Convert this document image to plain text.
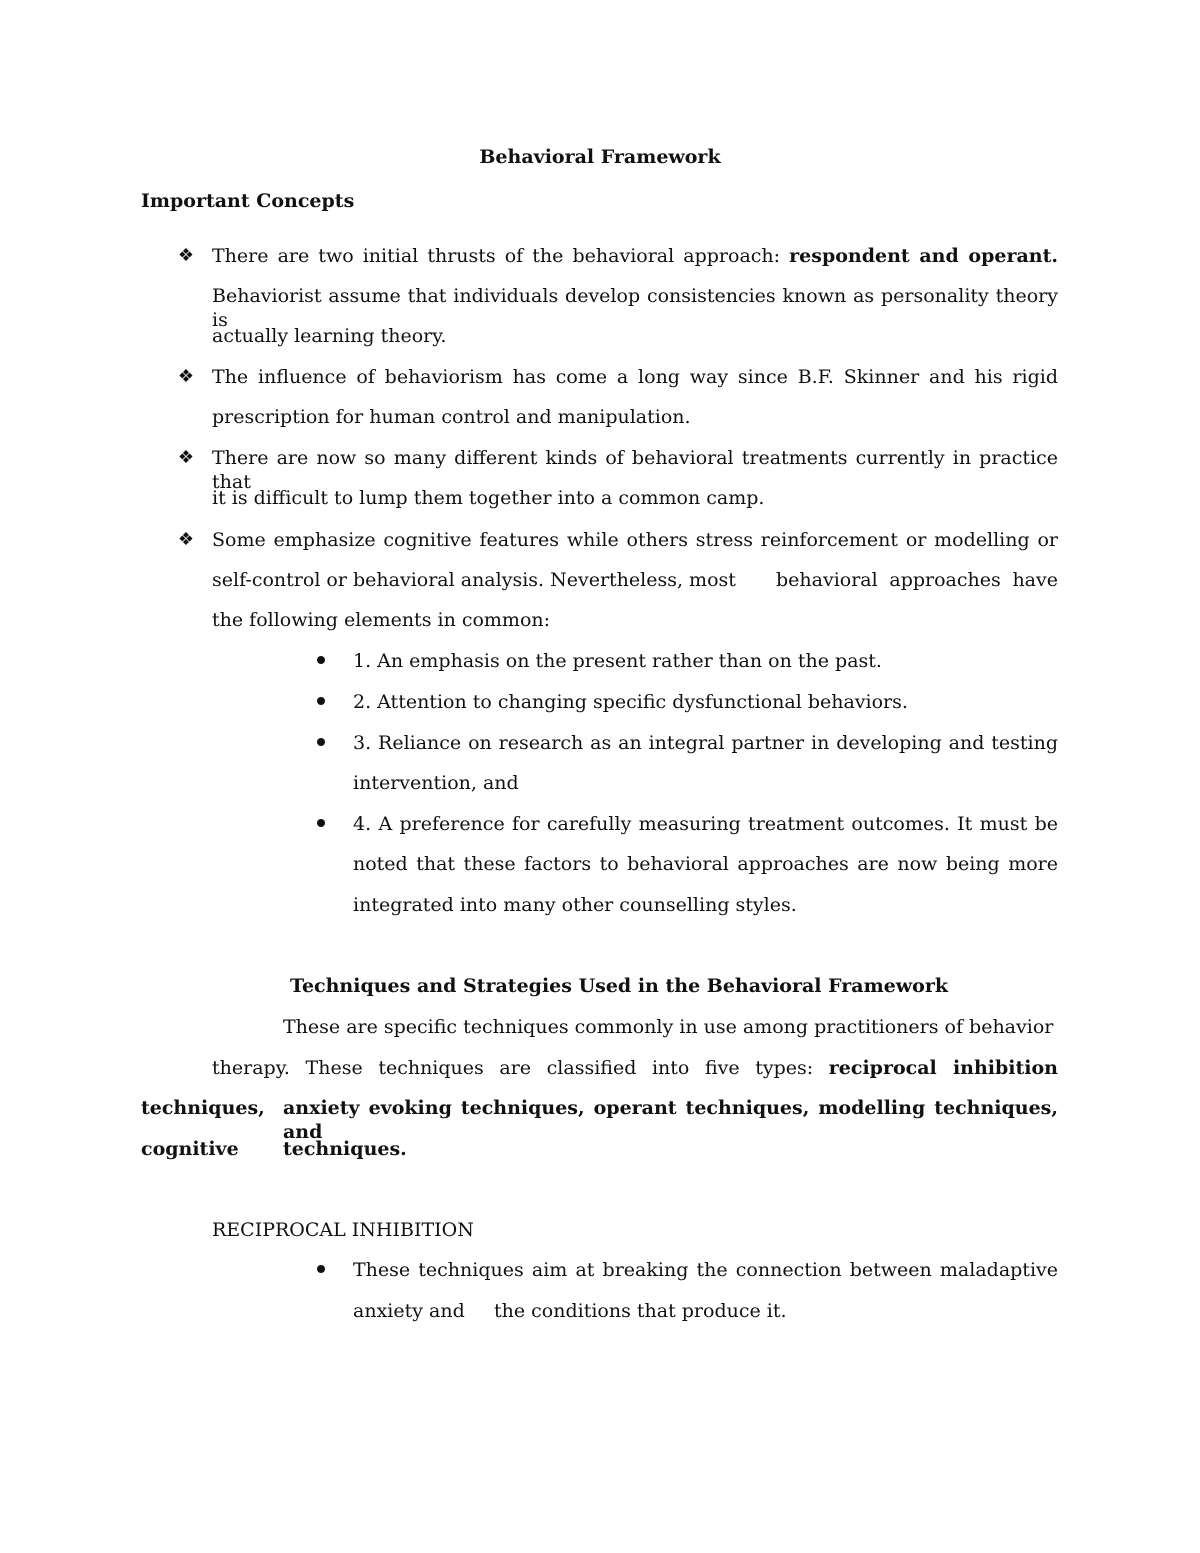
Behavioral Framework
Important Concepts
❖ There are two initial thrusts of the behavioral approach: respondent and operant.
Behaviorist assume that individuals develop consistencies known as personality theory is
actually learning theory.
❖ The influence of behaviorism has come a long way since B.F. Skinner and his rigid
prescription for human control and manipulation.
❖ There are now so many different kinds of behavioral treatments currently in practice that
it is difficult to lump them together into a common camp.
❖ Some emphasize cognitive features while others stress reinforcement or modelling or
self-control or behavioral analysis. Nevertheless, most behavioral approaches have
the following elements in common:
1. An emphasis on the present rather than on the past.
2. Attention to changing specific dysfunctional behaviors.
3. Reliance on research as an integral partner in developing and testing
intervention, and
4. A preference for carefully measuring treatment outcomes. It must be
noted that these factors to behavioral approaches are now being more
integrated into many other counselling styles.
Techniques and Strategies Used in the Behavioral Framework
These are specific techniques commonly in use among practitioners of behavior
therapy. These techniques are classified into five types: reciprocal inhibition
techniques, anxiety evoking techniques, operant techniques, modelling techniques, and
cognitive techniques.
RECIPROCAL INHIBITION
These techniques aim at breaking the connection between maladaptive
anxiety and the conditions that produce it.
